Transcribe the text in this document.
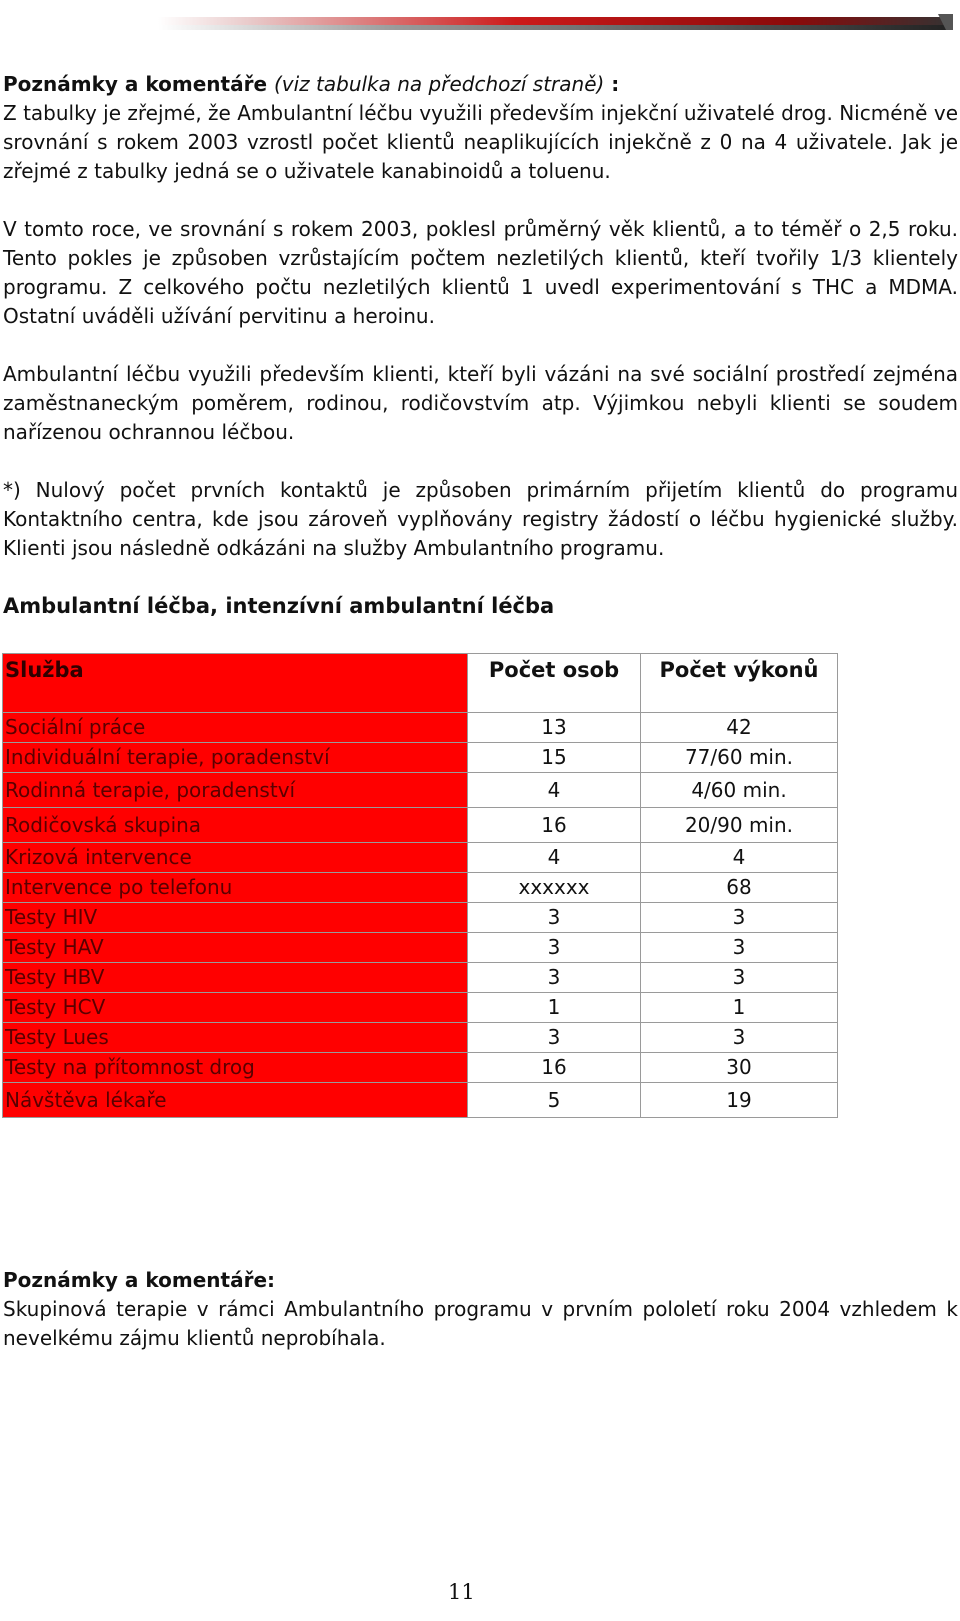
Poznámky a komentáře (viz tabulka na předchozí straně) :

Z tabulky je zřejmé, že Ambulantní léčbu využili především injekční uživatelé drog. Nicméně ve srovnání s rokem 2003 vzrostl počet klientů neaplikujících injekčně z 0 na 4 uživatele. Jak je zřejmé z tabulky jedná se o uživatele kanabinoidů a toluenu.

V tomto roce, ve srovnání s rokem 2003, poklesl průměrný věk klientů, a to téměř o 2,5 roku. Tento pokles je způsoben vzrůstajícím počtem nezletilých klientů, kteří tvořily 1/3 klientely programu. Z celkového počtu nezletilých klientů 1 uvedl experimentování s THC a MDMA. Ostatní uváděli užívání pervitinu a heroinu.

Ambulantní léčbu využili především klienti, kteří byli vázáni na své sociální prostředí zejména zaměstnaneckým poměrem, rodinou, rodičovstvím atp. Výjimkou nebyli klienti se soudem nařízenou ochrannou léčbou.

*) Nulový počet prvních kontaktů je způsoben primárním přijetím klientů do programu Kontaktního centra, kde jsou zároveň vyplňovány registry žádostí o léčbu hygienické služby. Klienti jsou následně odkázáni na služby Ambulantního programu.

Ambulantní léčba, intenzívní ambulantní léčba
Služba	Počet osob	Počet výkonů
Sociální práce	13	42
Individuální terapie, poradenství	15	77/60 min.
Rodinná terapie, poradenství	4	4/60 min.
Rodičovská skupina	16	20/90 min.
Krizová intervence	4	4
Intervence po telefonu	xxxxxx	68
Testy HIV	3	3
Testy HAV	3	3
Testy HBV	3	3
Testy HCV	1	1
Testy Lues	3	3
Testy na přítomnost drog	16	30
Návštěva lékaře	5	19
Poznámky a komentáře:

Skupinová terapie v rámci Ambulantního programu v prvním pololetí roku 2004 vzhledem k nevelkému zájmu klientů neprobíhala.

11
